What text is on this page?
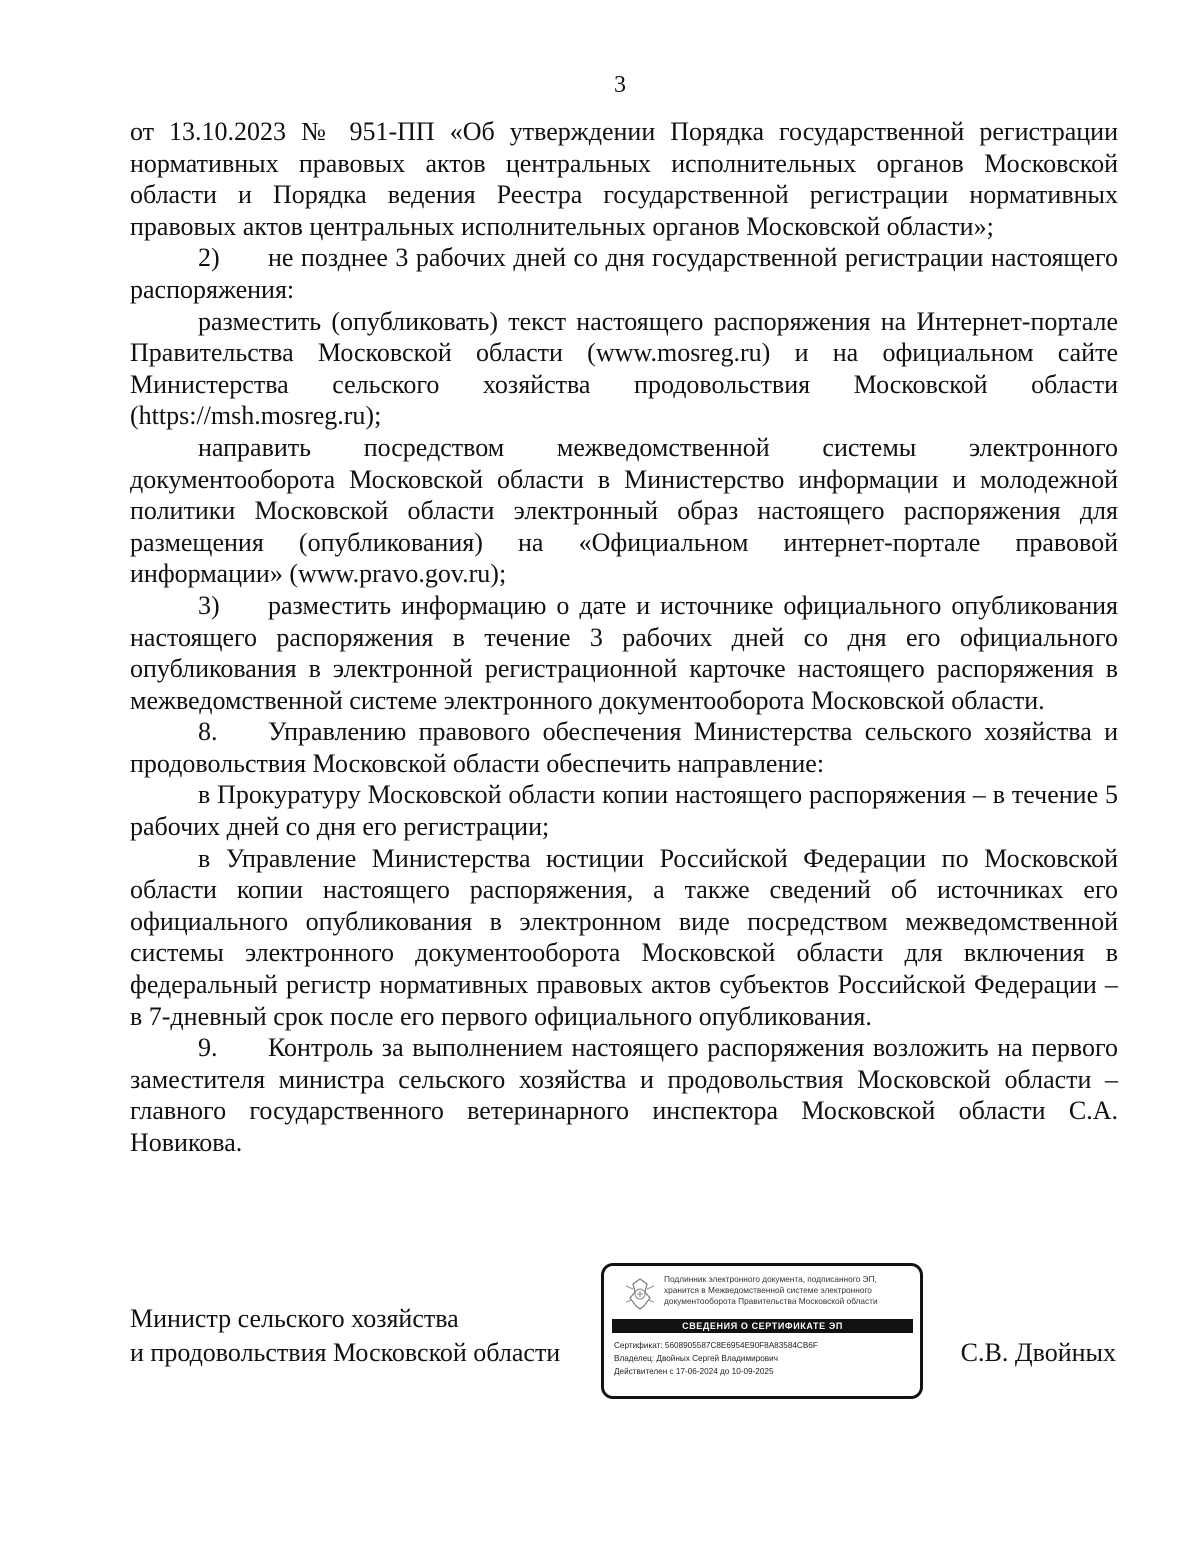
3

от 13.10.2023 № 951-ПП «Об утверждении Порядка государственной регистрации нормативных правовых актов центральных исполнительных органов Московской области и Порядка ведения Реестра государственной регистрации нормативных правовых актов центральных исполнительных органов Московской области»;

2) не позднее 3 рабочих дней со дня государственной регистрации настоящего распоряжения:

разместить (опубликовать) текст настоящего распоряжения на Интернет-портале Правительства Московской области (www.mosreg.ru) и на официальном сайте Министерства сельского хозяйства продовольствия Московской области (https://msh.mosreg.ru);

направить посредством межведомственной системы электронного документооборота Московской области в Министерство информации и молодежной политики Московской области электронный образ настоящего распоряжения для размещения (опубликования) на «Официальном интернет-портале правовой информации» (www.pravo.gov.ru);

3) разместить информацию о дате и источнике официального опубликования настоящего распоряжения в течение 3 рабочих дней со дня его официального опубликования в электронной регистрационной карточке настоящего распоряжения в межведомственной системе электронного документооборота Московской области.

8. Управлению правового обеспечения Министерства сельского хозяйства и продовольствия Московской области обеспечить направление:

в Прокуратуру Московской области копии настоящего распоряжения – в течение 5 рабочих дней со дня его регистрации;

в Управление Министерства юстиции Российской Федерации по Московской области копии настоящего распоряжения, а также сведений об источниках его официального опубликования в электронном виде посредством межведомственной системы электронного документооборота Московской области для включения в федеральный регистр нормативных правовых актов субъектов Российской Федерации – в 7-дневный срок после его первого официального опубликования.

9. Контроль за выполнением настоящего распоряжения возложить на первого заместителя министра сельского хозяйства и продовольствия Московской области – главного государственного ветеринарного инспектора Московской области С.А. Новикова.

Министр сельского хозяйства
и продовольствия Московской области
Подлинник электронного документа, подписанного ЭП,
хранится в Межведомственной системе электронного
документооборота Правительства Московской области
СВЕДЕНИЯ О СЕРТИФИКАТЕ ЭП
Сертификат: 5608905587C8E6954E90F8A83584CB6F
Владелец: Двойных Сергей Владимирович
Действителен с 17-06-2024 до 10-09-2025
С.В. Двойных
